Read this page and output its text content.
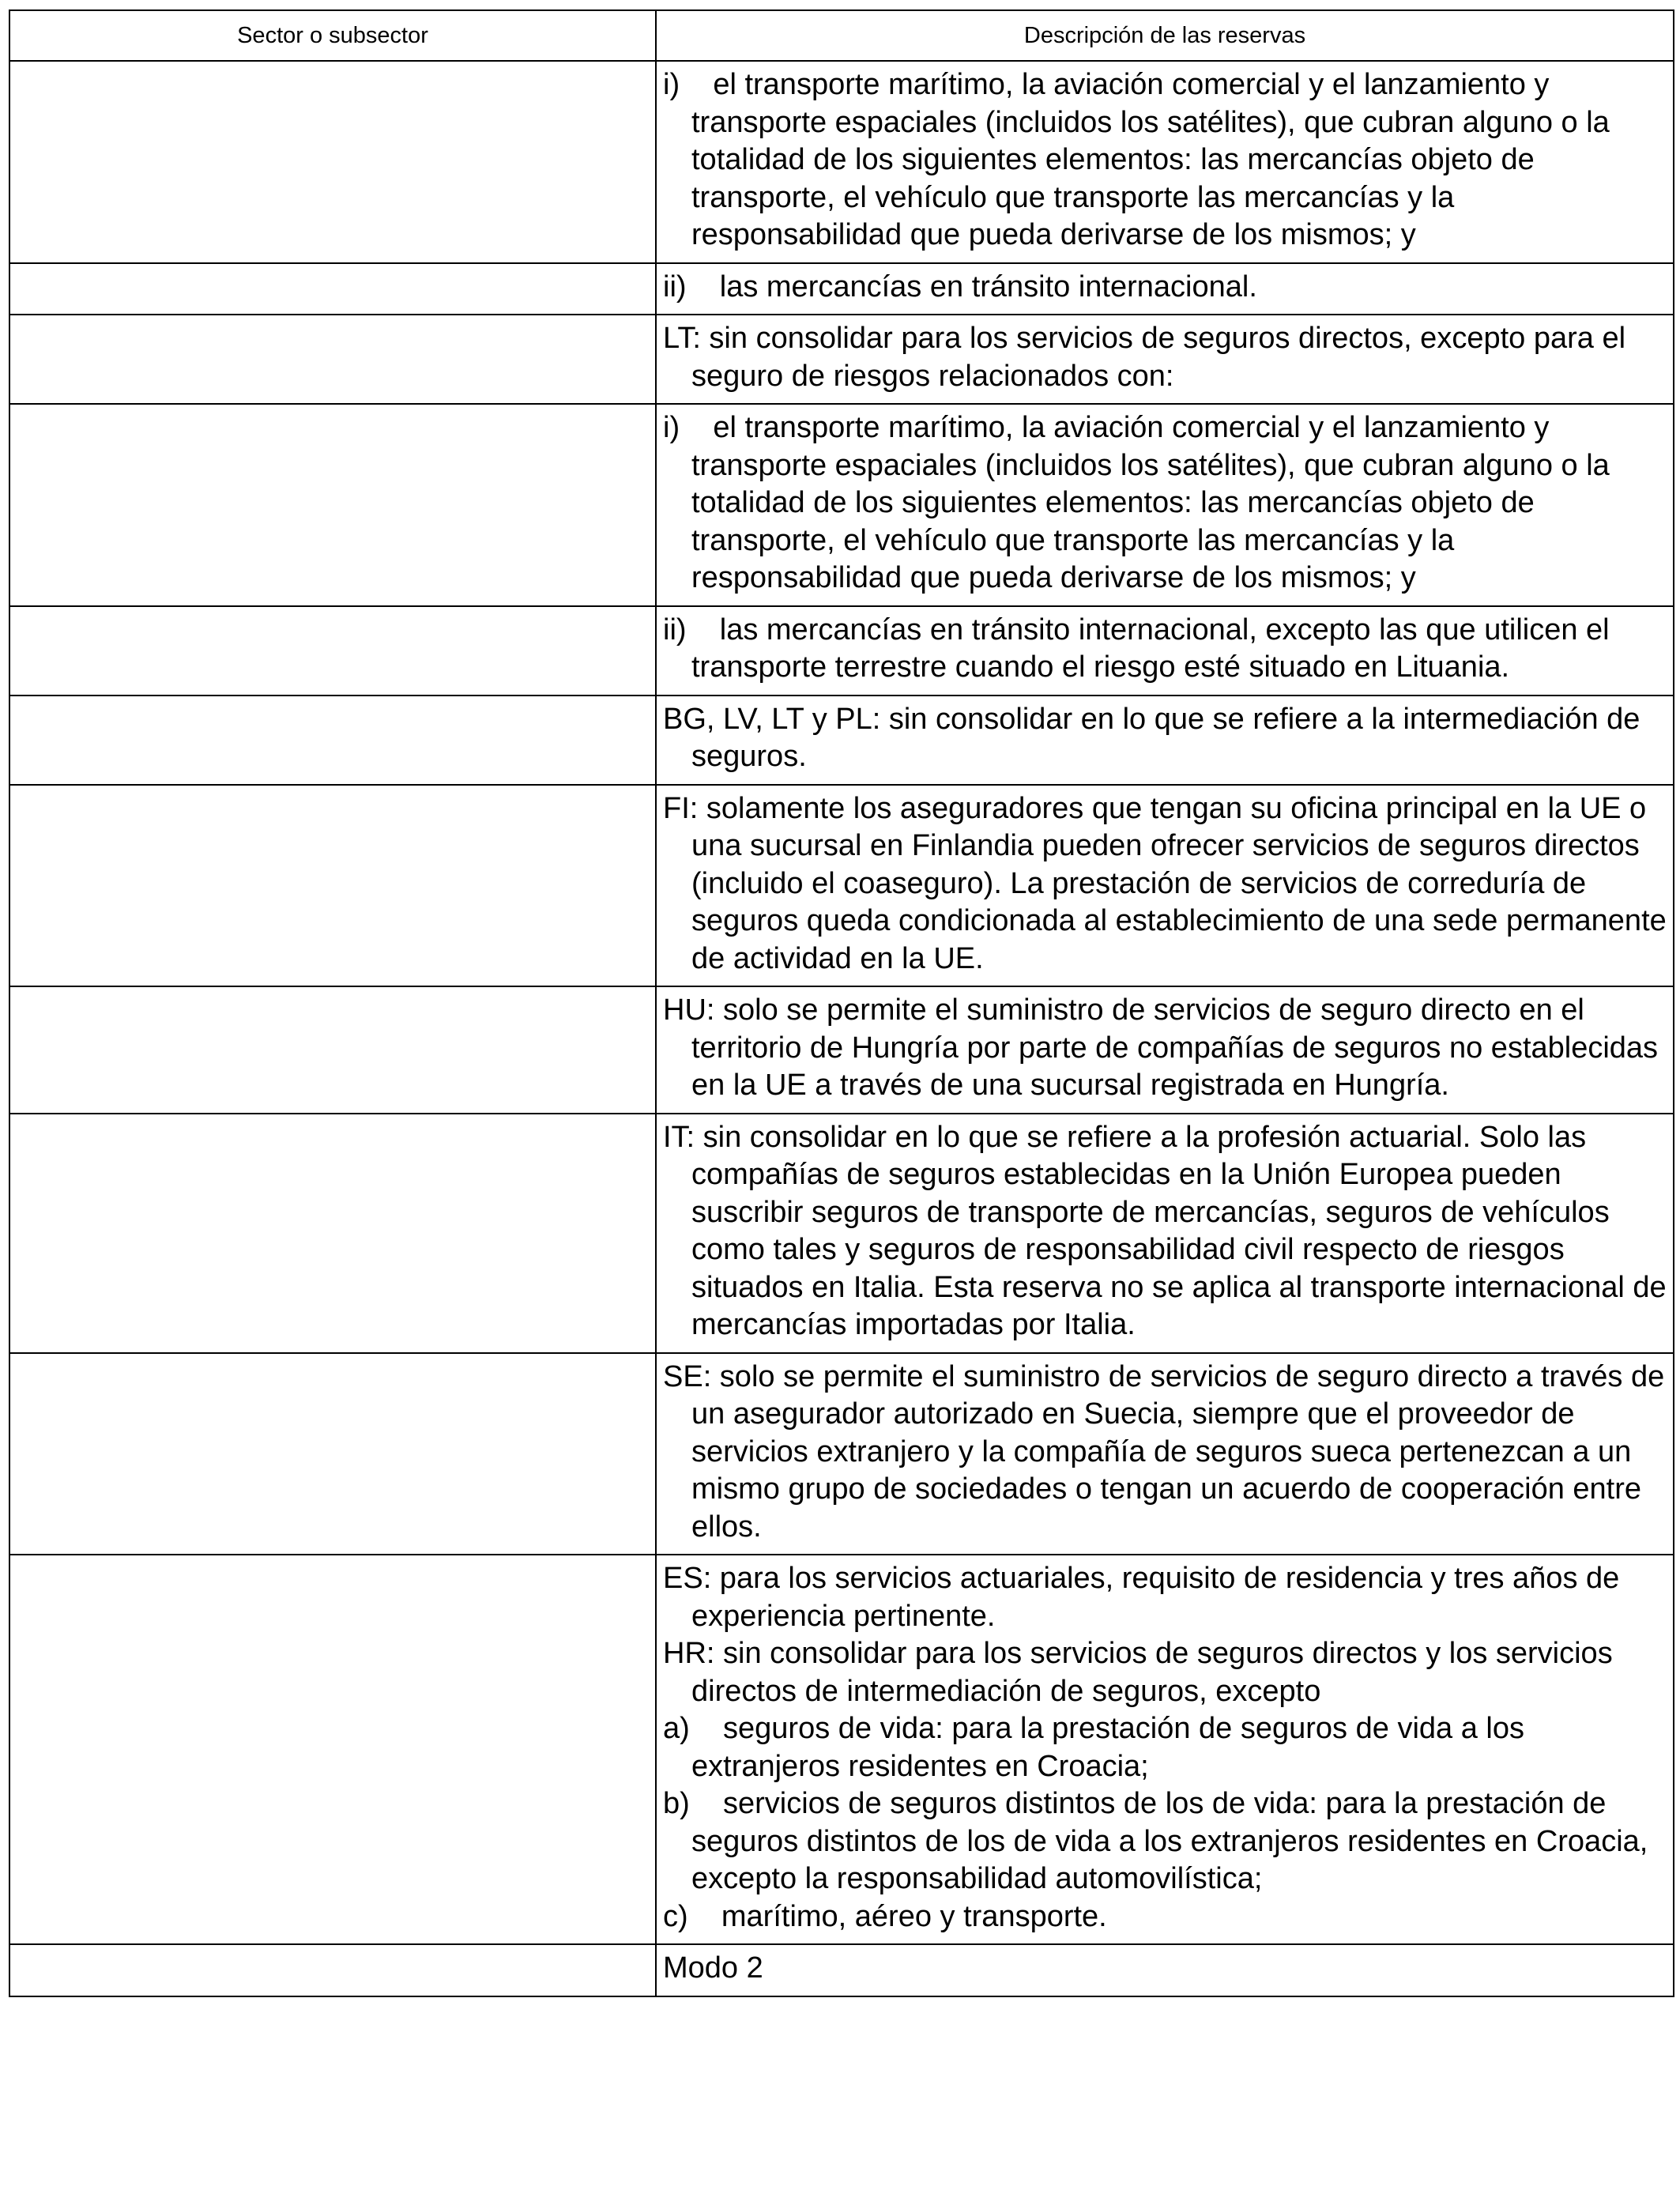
Sector o subsector	Descripción de las reservas

	i)    el transporte marítimo, la aviación comercial y el lanzamiento y transporte espaciales (incluidos los satélites), que cubran alguno o la totalidad de los siguientes elementos: las mercancías objeto de transporte, el vehículo que transporte las mercancías y la responsabilidad que pueda derivarse de los mismos; y

	ii)    las mercancías en tránsito internacional.

	LT: sin consolidar para los servicios de seguros directos, excepto para el seguro de riesgos relacionados con:

	i)    el transporte marítimo, la aviación comercial y el lanzamiento y transporte espaciales (incluidos los satélites), que cubran alguno o la totalidad de los siguientes elementos: las mercancías objeto de transporte, el vehículo que transporte las mercancías y la responsabilidad que pueda derivarse de los mismos; y

	ii)    las mercancías en tránsito internacional, excepto las que utilicen el transporte terrestre cuando el riesgo esté situado en Lituania.

	BG, LV, LT y PL: sin consolidar en lo que se refiere a la intermediación de seguros.

	FI: solamente los aseguradores que tengan su oficina principal en la UE o una sucursal en Finlandia pueden ofrecer servicios de seguros directos (incluido el coaseguro). La prestación de servicios de correduría de seguros queda condicionada al establecimiento de una sede permanente de actividad en la UE.

	HU: solo se permite el suministro de servicios de seguro directo en el territorio de Hungría por parte de compañías de seguros no establecidas en la UE a través de una sucursal registrada en Hungría.

	IT: sin consolidar en lo que se refiere a la profesión actuarial. Solo las compañías de seguros establecidas en la Unión Europea pueden suscribir seguros de transporte de mercancías, seguros de vehículos como tales y seguros de responsabilidad civil respecto de riesgos situados en Italia. Esta reserva no se aplica al transporte internacional de mercancías importadas por Italia.

	SE: solo se permite el suministro de servicios de seguro directo a través de un asegurador autorizado en Suecia, siempre que el proveedor de servicios extranjero y la compañía de seguros sueca pertenezcan a un mismo grupo de sociedades o tengan un acuerdo de cooperación entre ellos.

	ES: para los servicios actuariales, requisito de residencia y tres años de experiencia pertinente.
HR: sin consolidar para los servicios de seguros directos y los servicios directos de intermediación de seguros, excepto
a)    seguros de vida: para la prestación de seguros de vida a los extranjeros residentes en Croacia;
b)    servicios de seguros distintos de los de vida: para la prestación de seguros distintos de los de vida a los extranjeros residentes en Croacia, excepto la responsabilidad automovilística;
c)    marítimo, aéreo y transporte.

	Modo 2
